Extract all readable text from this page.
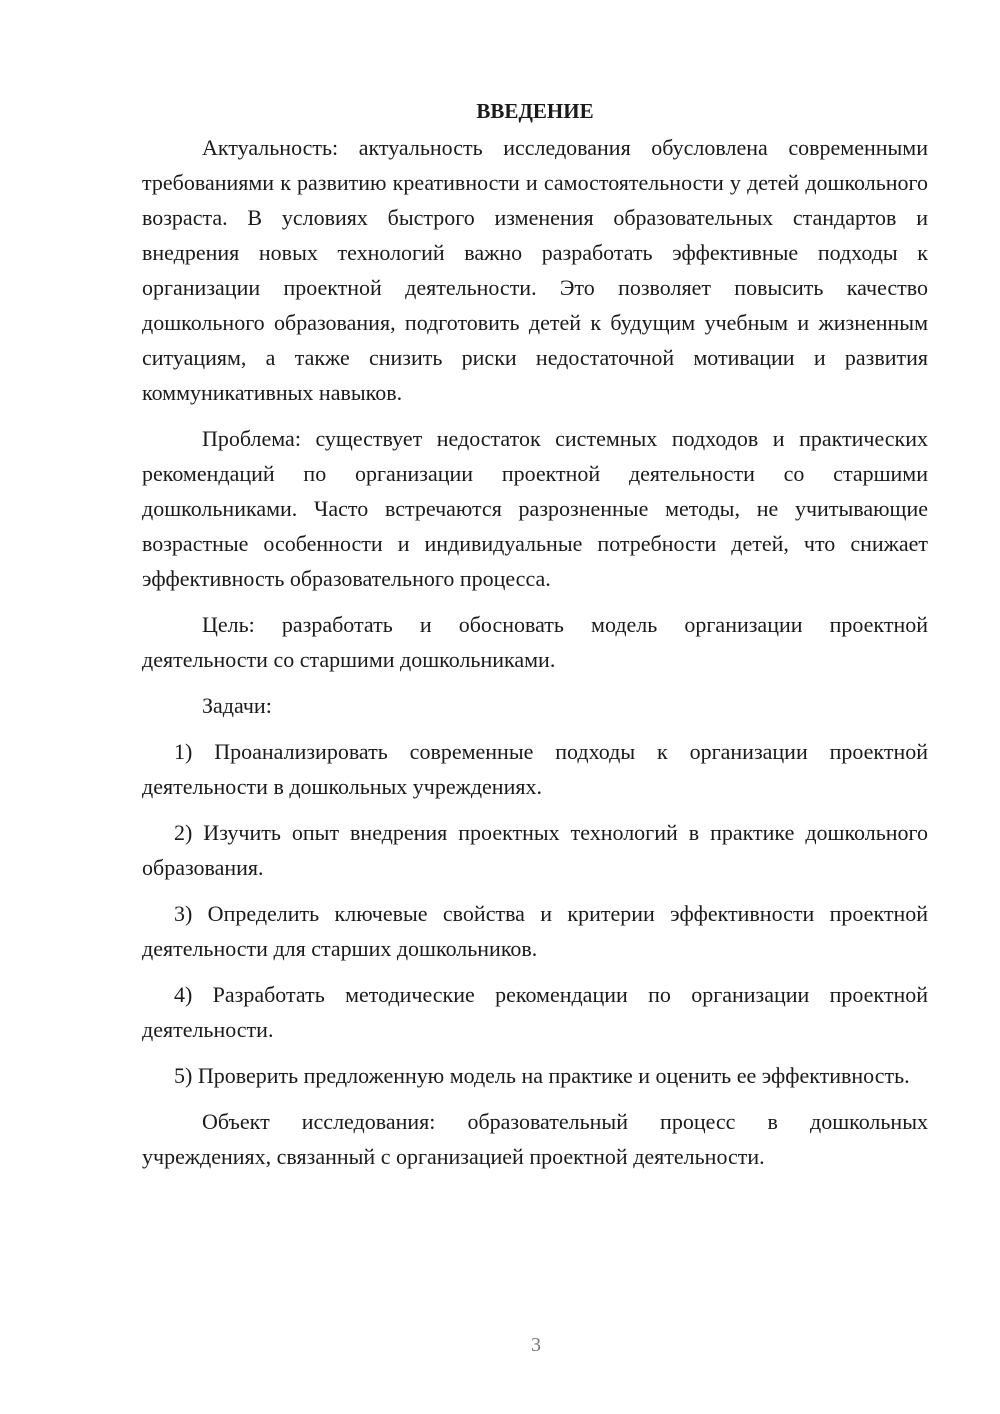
ВВЕДЕНИЕ

Актуальность: актуальность исследования обусловлена современными требованиями к развитию креативности и самостоятельности у детей дошкольного возраста. В условиях быстрого изменения образовательных стандартов и внедрения новых технологий важно разработать эффективные подходы к организации проектной деятельности. Это позволяет повысить качество дошкольного образования, подготовить детей к будущим учебным и жизненным ситуациям, а также снизить риски недостаточной мотивации и развития коммуникативных навыков.

Проблема: существует недостаток системных подходов и практических рекомендаций по организации проектной деятельности со старшими дошкольниками. Часто встречаются разрозненные методы, не учитывающие возрастные особенности и индивидуальные потребности детей, что снижает эффективность образовательного процесса.

Цель: разработать и обосновать модель организации проектной деятельности со старшими дошкольниками.

Задачи:

1) Проанализировать современные подходы к организации проектной деятельности в дошкольных учреждениях.

2) Изучить опыт внедрения проектных технологий в практике дошкольного образования.

3) Определить ключевые свойства и критерии эффективности проектной деятельности для старших дошкольников.

4) Разработать методические рекомендации по организации проектной деятельности.

5) Проверить предложенную модель на практике и оценить ее эффективность.

Объект исследования: образовательный процесс в дошкольных учреждениях, связанный с организацией проектной деятельности.

3
